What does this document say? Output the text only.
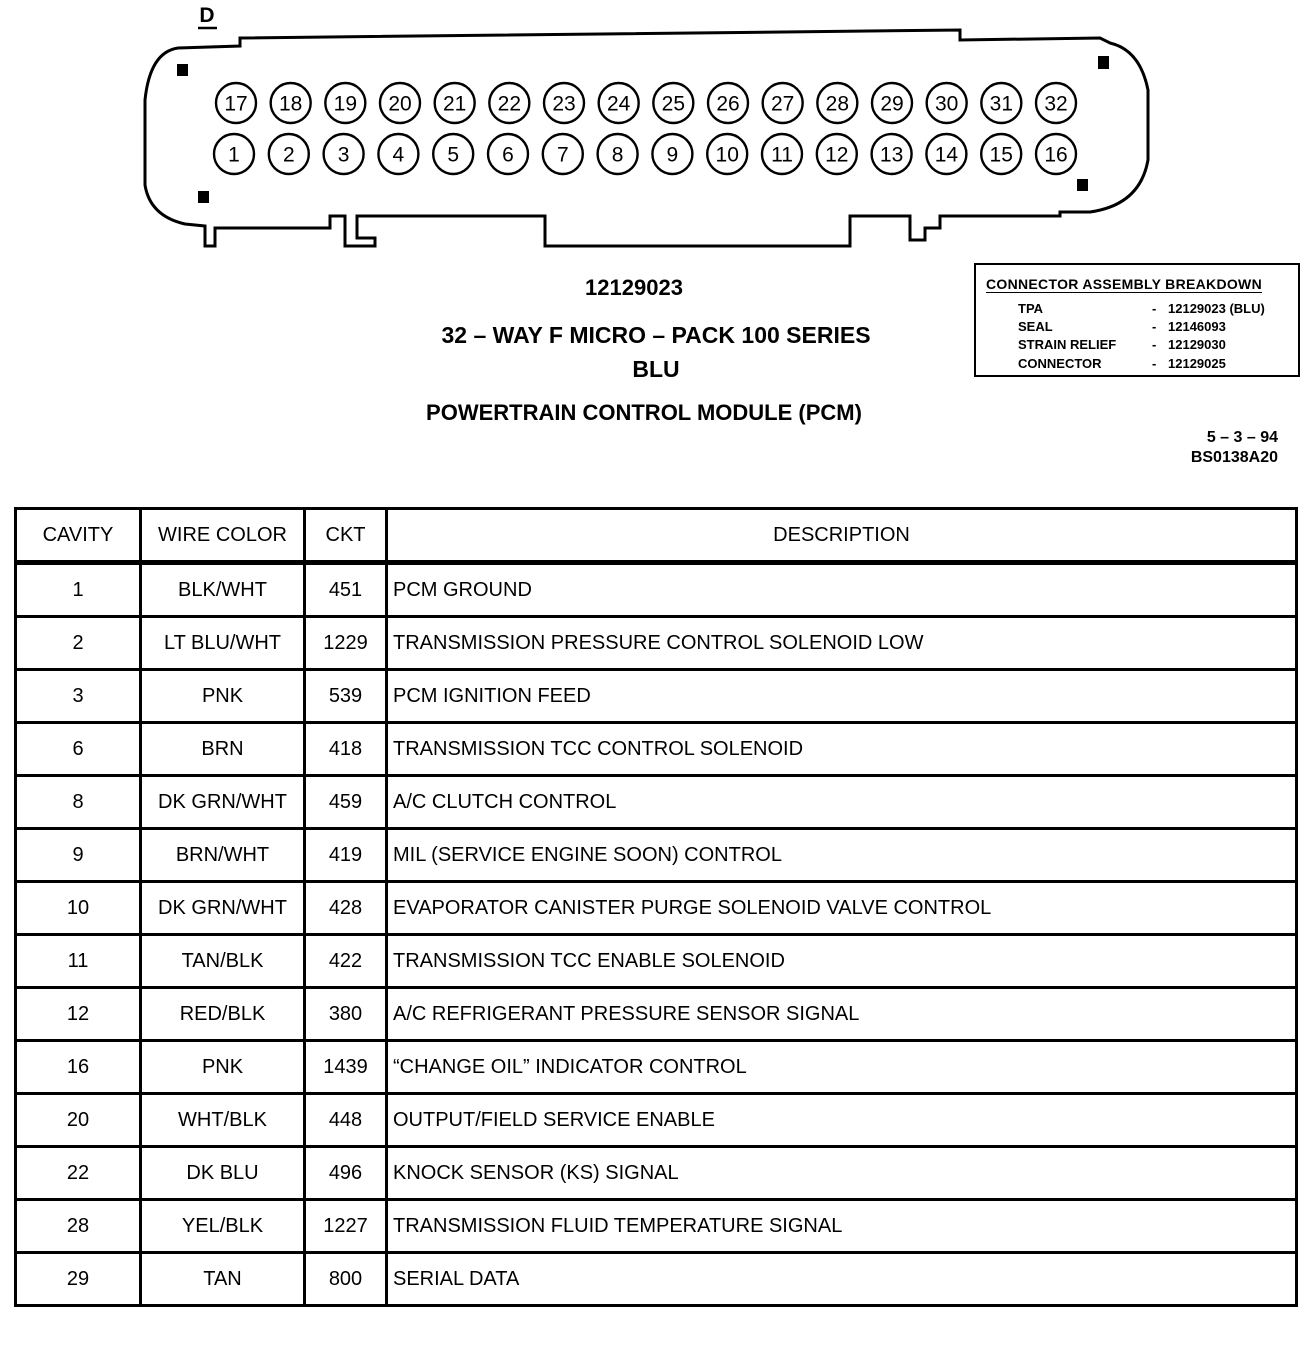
D
17 18 19 20 21 22 23 24 25 26 27 28 29 30 31 32
1 2 3 4 5 6 7 8 9 10 11 12 13 14 15 16
12129023
32 – WAY F MICRO – PACK 100 SERIES
BLU
POWERTRAIN CONTROL MODULE (PCM)
CONNECTOR ASSEMBLY BREAKDOWN
TPA	- 12129023 (BLU)
SEAL	- 12146093
STRAIN RELIEF	- 12129030
CONNECTOR	- 12129025
5 – 3 – 94
BS0138A20
CAVITY	WIRE COLOR	CKT	DESCRIPTION
1	BLK/WHT	451	PCM GROUND
2	LT BLU/WHT	1229	TRANSMISSION PRESSURE CONTROL SOLENOID LOW
3	PNK	539	PCM IGNITION FEED
6	BRN	418	TRANSMISSION TCC CONTROL SOLENOID
8	DK GRN/WHT	459	A/C CLUTCH CONTROL
9	BRN/WHT	419	MIL (SERVICE ENGINE SOON) CONTROL
10	DK GRN/WHT	428	EVAPORATOR CANISTER PURGE SOLENOID VALVE CONTROL
11	TAN/BLK	422	TRANSMISSION TCC ENABLE SOLENOID
12	RED/BLK	380	A/C REFRIGERANT PRESSURE SENSOR SIGNAL
16	PNK	1439	“CHANGE OIL” INDICATOR CONTROL
20	WHT/BLK	448	OUTPUT/FIELD SERVICE ENABLE
22	DK BLU	496	KNOCK SENSOR (KS) SIGNAL
28	YEL/BLK	1227	TRANSMISSION FLUID TEMPERATURE SIGNAL
29	TAN	800	SERIAL DATA
